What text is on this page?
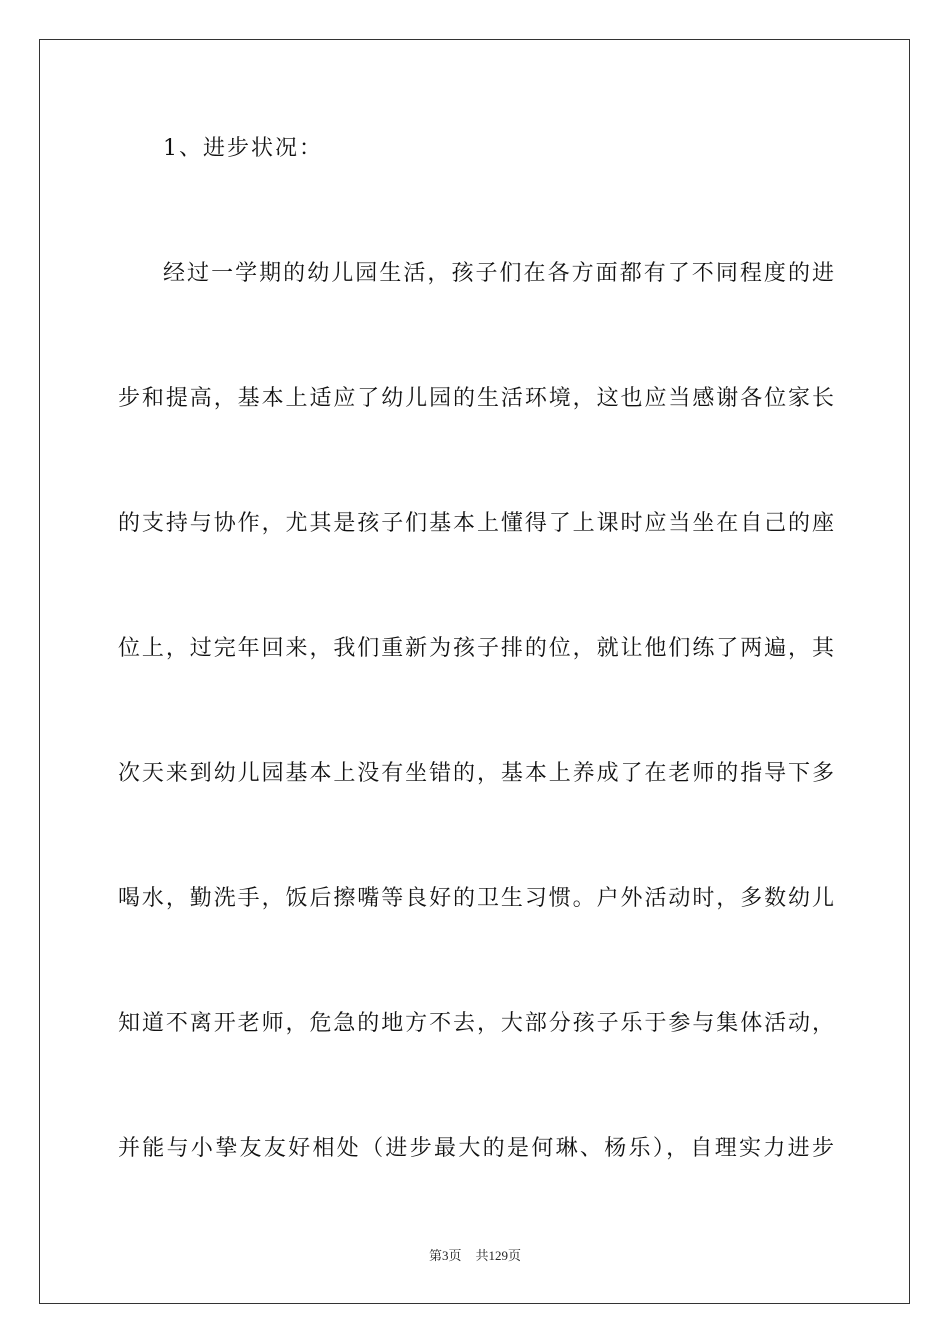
1、进步状况：
经过一学期的幼儿园生活，孩子们在各方面都有了不同程度的进
步和提高，基本上适应了幼儿园的生活环境，这也应当感谢各位家长
的支持与协作，尤其是孩子们基本上懂得了上课时应当坐在自己的座
位上，过完年回来，我们重新为孩子排的位，就让他们练了两遍，其
次天来到幼儿园基本上没有坐错的，基本上养成了在老师的指导下多
喝水，勤洗手，饭后擦嘴等良好的卫生习惯。户外活动时，多数幼儿
知道不离开老师，危急的地方不去，大部分孩子乐于参与集体活动，
并能与小挚友友好相处（进步最大的是何琳、杨乐），自理实力进步
第3页 共129页
